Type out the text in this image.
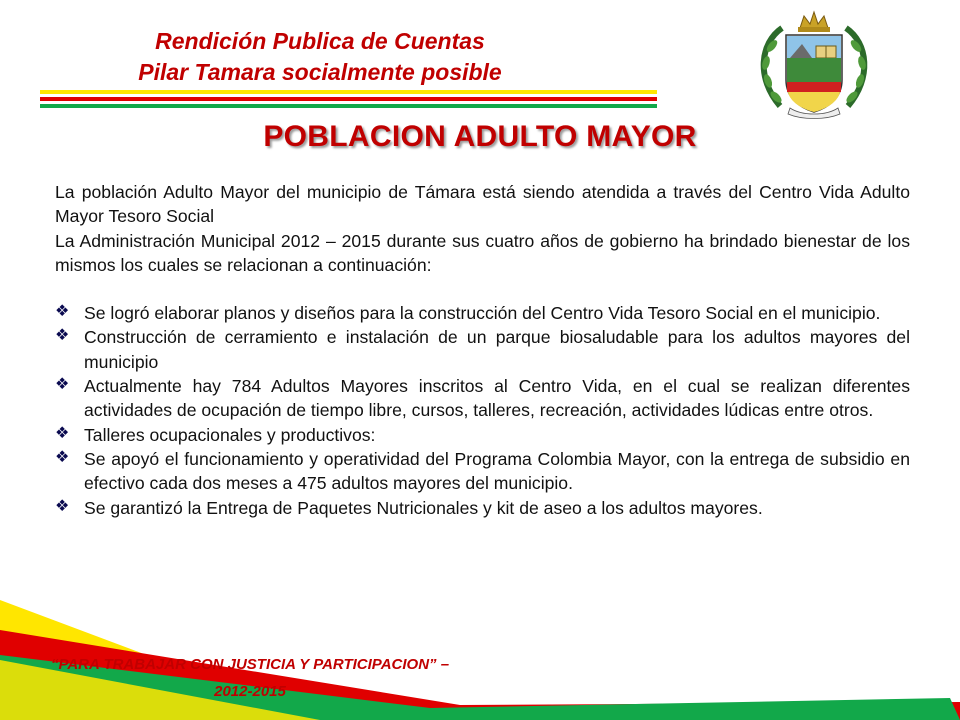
Rendición Publica de Cuentas
Pilar Tamara socialmente posible
POBLACION ADULTO MAYOR

La población Adulto Mayor del municipio de Támara está siendo atendida a través del Centro Vida Adulto Mayor Tesoro Social

La Administración Municipal 2012 – 2015 durante sus cuatro años de gobierno ha brindado bienestar de los mismos los cuales se relacionan a continuación:

❖ Se logró elaborar planos y diseños para la construcción del Centro Vida Tesoro Social en el municipio.
❖ Construcción de cerramiento e instalación de un parque biosaludable para los adultos mayores del municipio
❖ Actualmente hay 784 Adultos Mayores inscritos al Centro Vida, en el cual se realizan diferentes actividades de ocupación de tiempo libre, cursos, talleres, recreación, actividades lúdicas entre otros.
❖ Talleres ocupacionales y productivos:
❖ Se apoyó el funcionamiento y operatividad del Programa Colombia Mayor, con la entrega de subsidio en efectivo cada dos meses a 475 adultos mayores del municipio.
❖ Se garantizó la Entrega de Paquetes Nutricionales y kit de aseo a los adultos mayores.
“PARA TRABAJAR CON JUSTICIA Y PARTICIPACION” –
2012-2015
